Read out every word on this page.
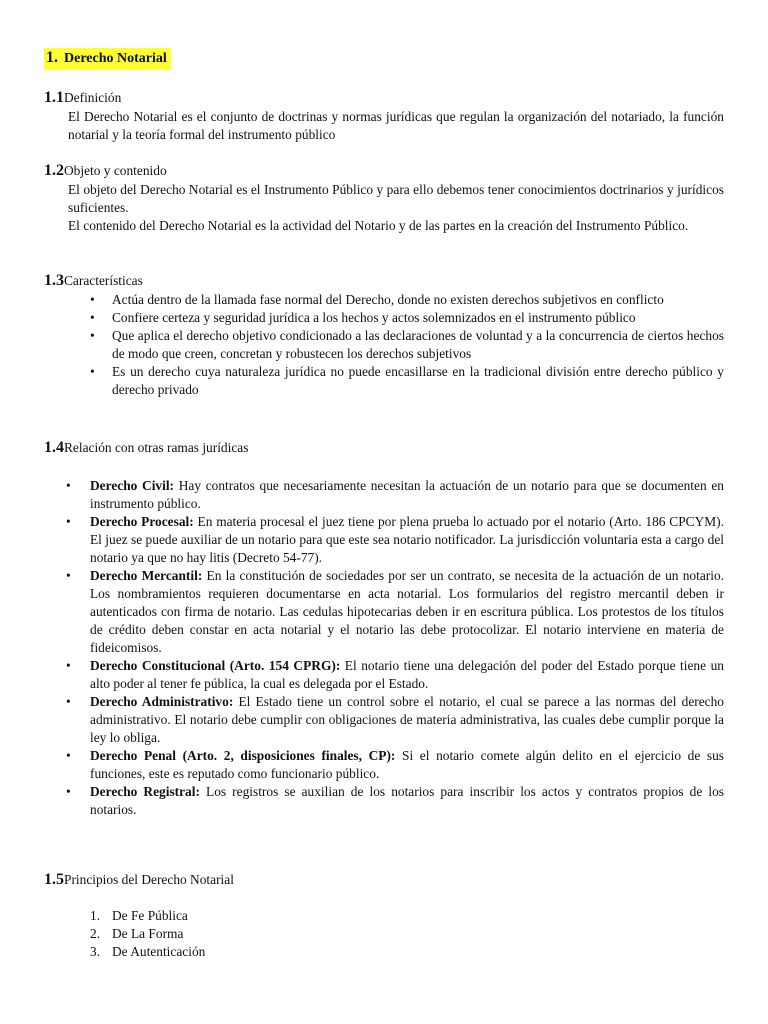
1. Derecho Notarial
1.1Definición
El Derecho Notarial es el conjunto de doctrinas y normas jurídicas que regulan la organización del notariado, la función notarial y la teoría formal del instrumento público
1.2Objeto y contenido
El objeto del Derecho Notarial es el Instrumento Público y para ello debemos tener conocimientos doctrinarios y jurídicos suficientes.
El contenido del Derecho Notarial es la actividad del Notario y de las partes en la creación del Instrumento Público.
1.3Características
• Actúa dentro de la llamada fase normal del Derecho, donde no existen derechos subjetivos en conflicto
• Confiere certeza y seguridad jurídica a los hechos y actos solemnizados en el instrumento público
• Que aplica el derecho objetivo condicionado a las declaraciones de voluntad y a la concurrencia de ciertos hechos de modo que creen, concretan y robustecen los derechos subjetivos
• Es un derecho cuya naturaleza jurídica no puede encasillarse en la tradicional división entre derecho público y derecho privado
1.4Relación con otras ramas jurídicas
• Derecho Civil: Hay contratos que necesariamente necesitan la actuación de un notario para que se documenten en instrumento público.
• Derecho Procesal: En materia procesal el juez tiene por plena prueba lo actuado por el notario (Arto. 186 CPCYM). El juez se puede auxiliar de un notario para que este sea notario notificador. La jurisdicción voluntaria esta a cargo del notario ya que no hay litis (Decreto 54-77).
• Derecho Mercantil: En la constitución de sociedades por ser un contrato, se necesita de la actuación de un notario. Los nombramientos requieren documentarse en acta notarial. Los formularios del registro mercantil deben ir autenticados con firma de notario. Las cedulas hipotecarias deben ir en escritura pública. Los protestos de los títulos de crédito deben constar en acta notarial y el notario las debe protocolizar. El notario interviene en materia de fideicomisos.
• Derecho Constitucional (Arto. 154 CPRG): El notario tiene una delegación del poder del Estado porque tiene un alto poder al tener fe pública, la cual es delegada por el Estado.
• Derecho Administrativo: El Estado tiene un control sobre el notario, el cual se parece a las normas del derecho administrativo. El notario debe cumplir con obligaciones de materia administrativa, las cuales debe cumplir porque la ley lo obliga.
• Derecho Penal (Arto. 2, disposiciones finales, CP): Si el notario comete algún delito en el ejercicio de sus funciones, este es reputado como funcionario público.
• Derecho Registral: Los registros se auxilian de los notarios para inscribir los actos y contratos propios de los notarios.
1.5Principios del Derecho Notarial
1. De Fe Pública
2. De La Forma
3. De Autenticación
